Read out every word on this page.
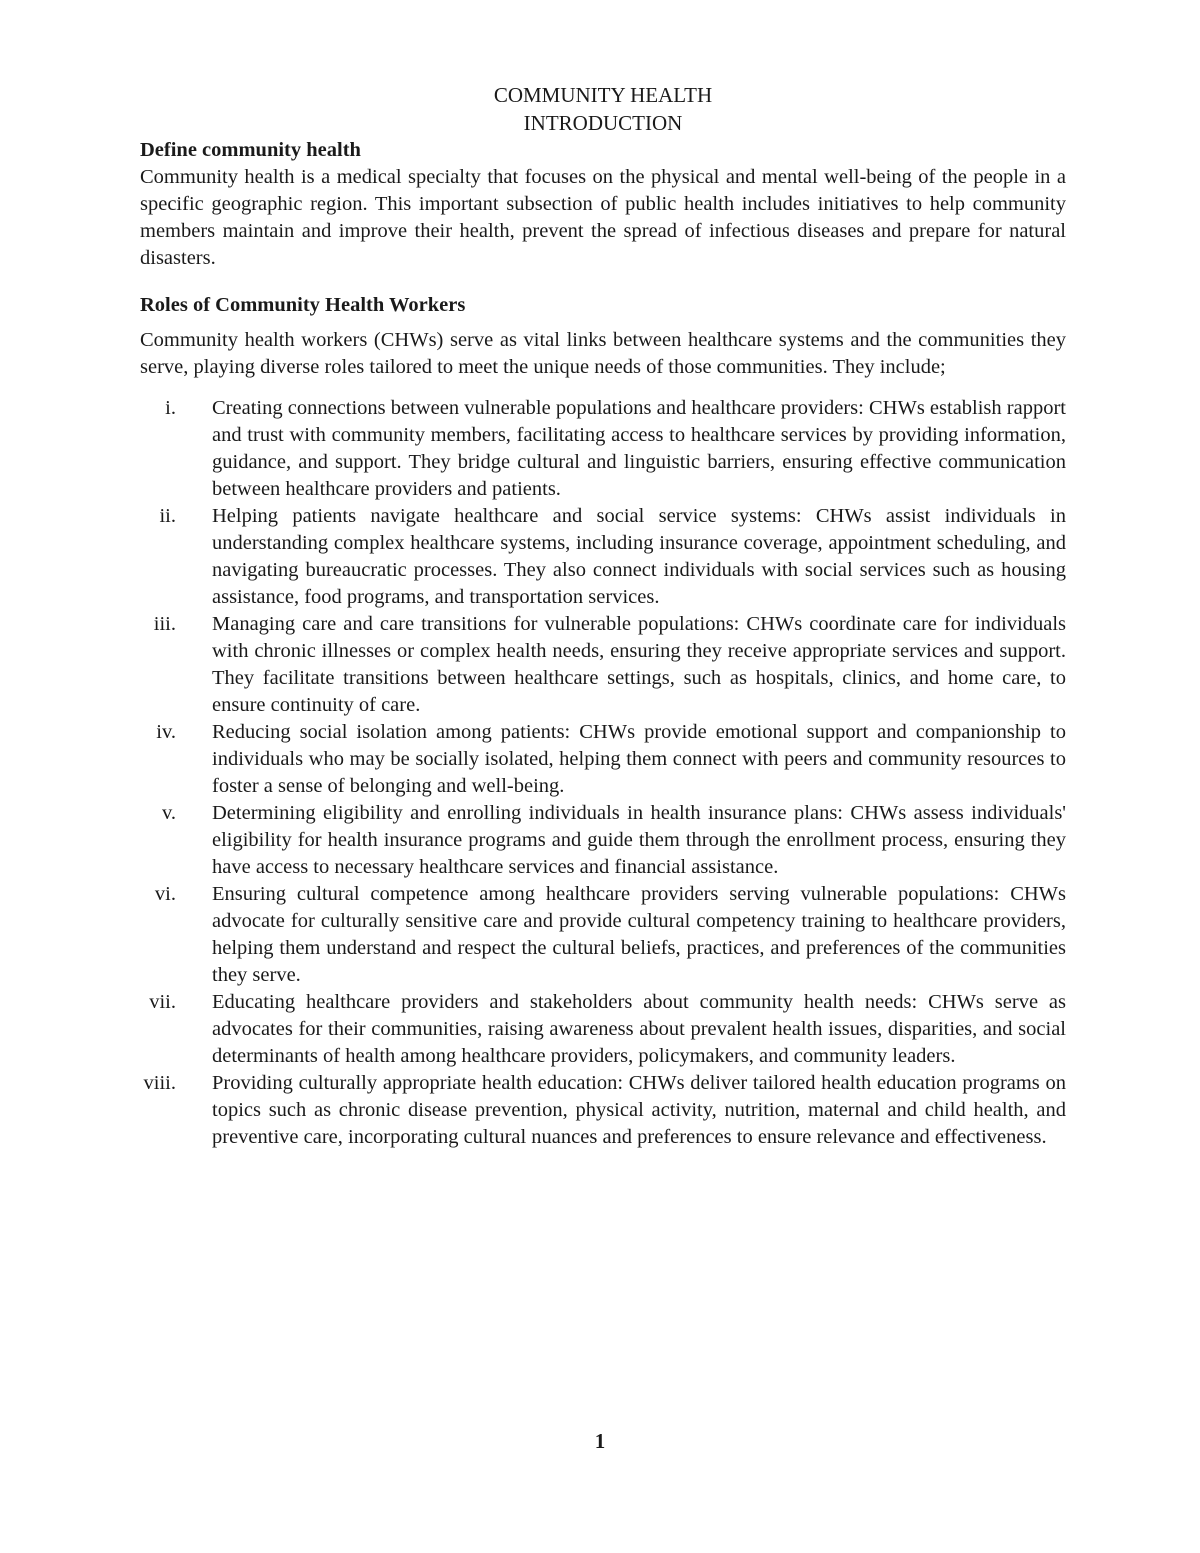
COMMUNITY HEALTH

INTRODUCTION

Define community health

Community health is a medical specialty that focuses on the physical and mental well-being of the people in a specific geographic region. This important subsection of public health includes initiatives to help community members maintain and improve their health, prevent the spread of infectious diseases and prepare for natural disasters.

Roles of Community Health Workers

Community health workers (CHWs) serve as vital links between healthcare systems and the communities they serve, playing diverse roles tailored to meet the unique needs of those communities. They include;

i. Creating connections between vulnerable populations and healthcare providers: CHWs establish rapport and trust with community members, facilitating access to healthcare services by providing information, guidance, and support. They bridge cultural and linguistic barriers, ensuring effective communication between healthcare providers and patients.
ii. Helping patients navigate healthcare and social service systems: CHWs assist individuals in understanding complex healthcare systems, including insurance coverage, appointment scheduling, and navigating bureaucratic processes. They also connect individuals with social services such as housing assistance, food programs, and transportation services.
iii. Managing care and care transitions for vulnerable populations: CHWs coordinate care for individuals with chronic illnesses or complex health needs, ensuring they receive appropriate services and support. They facilitate transitions between healthcare settings, such as hospitals, clinics, and home care, to ensure continuity of care.
iv. Reducing social isolation among patients: CHWs provide emotional support and companionship to individuals who may be socially isolated, helping them connect with peers and community resources to foster a sense of belonging and well-being.
v. Determining eligibility and enrolling individuals in health insurance plans: CHWs assess individuals' eligibility for health insurance programs and guide them through the enrollment process, ensuring they have access to necessary healthcare services and financial assistance.
vi. Ensuring cultural competence among healthcare providers serving vulnerable populations: CHWs advocate for culturally sensitive care and provide cultural competency training to healthcare providers, helping them understand and respect the cultural beliefs, practices, and preferences of the communities they serve.
vii. Educating healthcare providers and stakeholders about community health needs: CHWs serve as advocates for their communities, raising awareness about prevalent health issues, disparities, and social determinants of health among healthcare providers, policymakers, and community leaders.
viii. Providing culturally appropriate health education: CHWs deliver tailored health education programs on topics such as chronic disease prevention, physical activity, nutrition, maternal and child health, and preventive care, incorporating cultural nuances and preferences to ensure relevance and effectiveness.
1
